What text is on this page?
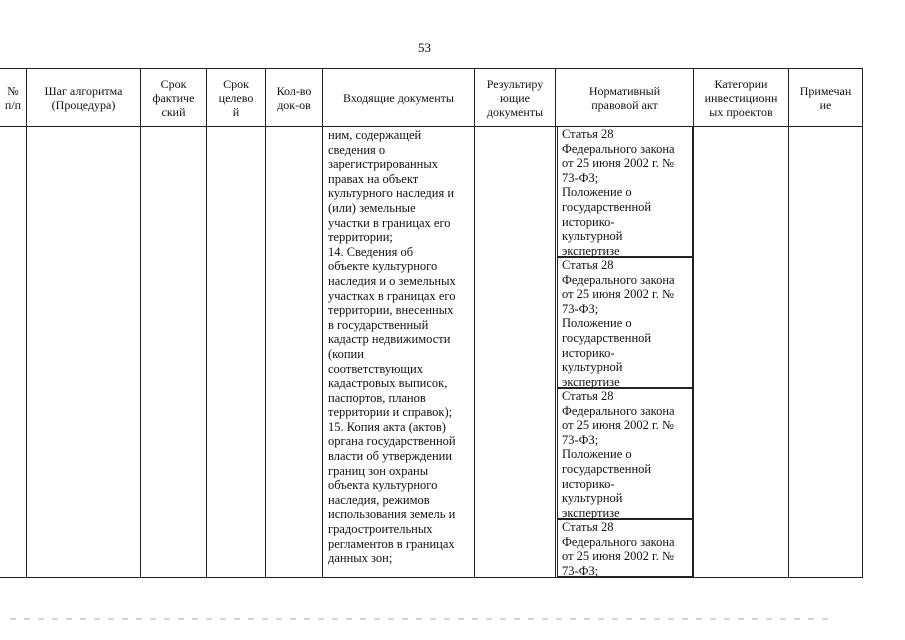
53
№
п/п
Шаг алгоритма
(Процедура)
Срок
фактиче
ский
Срок
целево
й
Кол-во
док-ов	Входящие документы
Результиру
ющие
документы
Нормативный
правовой акт
Категории
инвестиционн
ых проектов
Примечан
ие
ним, содержащей
сведения о
зарегистрированных
правах на объект
культурного наследия и
(или) земельные
участки в границах его
территории;
14. Сведения об
объекте культурного
наследия и о земельных
участках в границах его
территории, внесенных
в государственный
кадастр недвижимости
(копии
соответствующих
кадастровых выписок,
паспортов, планов
территории и справок);
15. Копия акта (актов)
органа государственной
власти об утверждении
границ зон охраны
объекта культурного
наследия, режимов
использования земель и
градостроительных
регламентов в границах
данных зон;
Статья 28
Федерального закона
от 25 июня 2002 г. №
73-ФЗ;
Положение о
государственной
историко-
культурной
экспертизе
Статья 28
Федерального закона
от 25 июня 2002 г. №
73-ФЗ;
Положение о
государственной
историко-
культурной
экспертизе
Статья 28
Федерального закона
от 25 июня 2002 г. №
73-ФЗ;
Положение о
государственной
историко-
культурной
экспертизе
Статья 28
Федерального закона
от 25 июня 2002 г. №
73-ФЗ;
